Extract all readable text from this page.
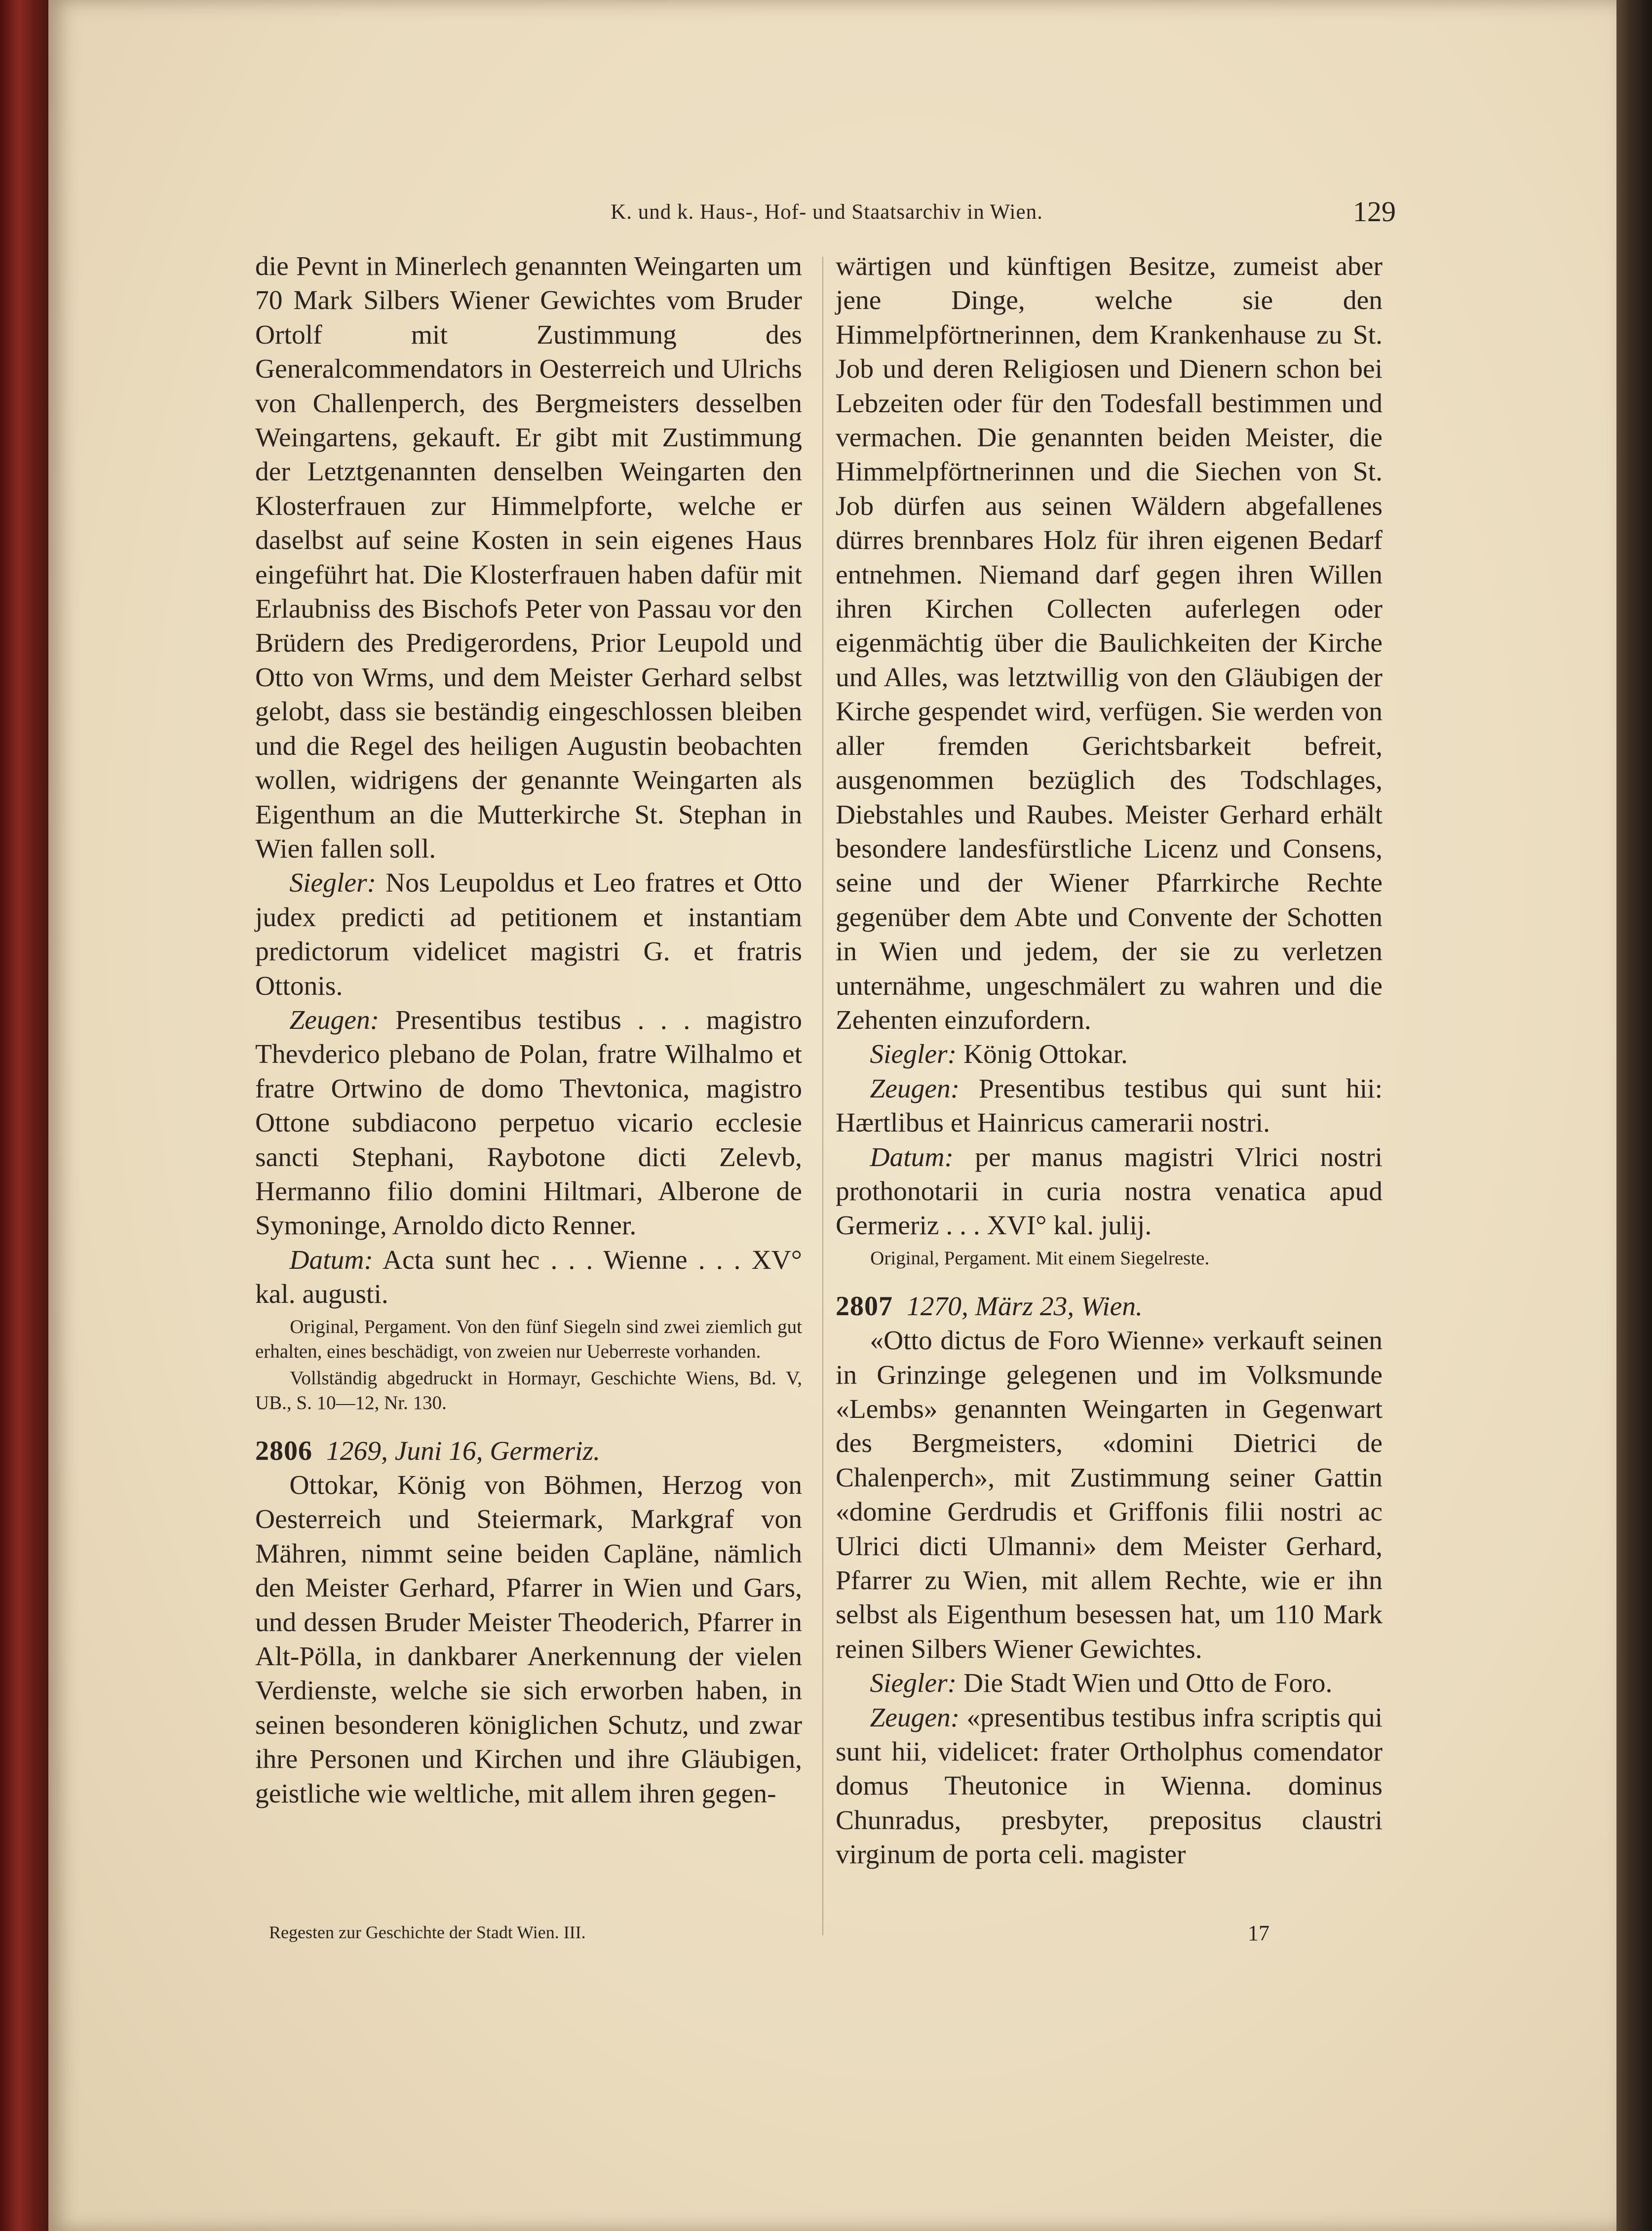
K. und k. Haus-, Hof- und Staatsarchiv in Wien.	129

die Pevnt in Minerlech genannten Weingarten um 70 Mark Silbers Wiener Gewichtes vom Bruder Ortolf mit Zustimmung des Generalcommendators in Oesterreich und Ulrichs von Challenperch, des Bergmeisters desselben Weingartens, gekauft. Er gibt mit Zustimmung der Letztgenannten denselben Weingarten den Klosterfrauen zur Himmelpforte, welche er daselbst auf seine Kosten in sein eigenes Haus eingeführt hat. Die Klosterfrauen haben dafür mit Erlaubniss des Bischofs Peter von Passau vor den Brüdern des Predigerordens, Prior Leupold und Otto von Wrms, und dem Meister Gerhard selbst gelobt, dass sie beständig eingeschlossen bleiben und die Regel des heiligen Augustin beobachten wollen, widrigens der genannte Weingarten als Eigenthum an die Mutterkirche St. Stephan in Wien fallen soll.

Siegler: Nos Leupoldus et Leo fratres et Otto judex predicti ad petitionem et instantiam predictorum videlicet magistri G. et fratris Ottonis.

Zeugen: Presentibus testibus . . . magistro Thevderico plebano de Polan, fratre Wilhalmo et fratre Ortwino de domo Thevtonica, magistro Ottone subdiacono perpetuo vicario ecclesie sancti Stephani, Raybotone dicti Zelevb, Hermanno filio domini Hiltmari, Alberone de Symoninge, Arnoldo dicto Renner.

Datum: Acta sunt hec . . . Wienne . . . XV° kal. augusti.

Original, Pergament. Von den fünf Siegeln sind zwei ziemlich gut erhalten, eines beschädigt, von zweien nur Ueberreste vorhanden.

Vollständig abgedruckt in Hormayr, Geschichte Wiens, Bd. V, UB., S. 10—12, Nr. 130.

2806 1269, Juni 16, Germeriz.

Ottokar, König von Böhmen, Herzog von Oesterreich und Steiermark, Markgraf von Mähren, nimmt seine beiden Capläne, nämlich den Meister Gerhard, Pfarrer in Wien und Gars, und dessen Bruder Meister Theoderich, Pfarrer in Alt-Pölla, in dankbarer Anerkennung der vielen Verdienste, welche sie sich erworben haben, in seinen besonderen königlichen Schutz, und zwar ihre Personen und Kirchen und ihre Gläubigen, geistliche wie weltliche, mit allem ihren gegen-

wärtigen und künftigen Besitze, zumeist aber jene Dinge, welche sie den Himmelpförtnerinnen, dem Krankenhause zu St. Job und deren Religiosen und Dienern schon bei Lebzeiten oder für den Todesfall bestimmen und vermachen. Die genannten beiden Meister, die Himmelpförtnerinnen und die Siechen von St. Job dürfen aus seinen Wäldern abgefallenes dürres brennbares Holz für ihren eigenen Bedarf entnehmen. Niemand darf gegen ihren Willen ihren Kirchen Collecten auferlegen oder eigenmächtig über die Baulichkeiten der Kirche und Alles, was letztwillig von den Gläubigen der Kirche gespendet wird, verfügen. Sie werden von aller fremden Gerichtsbarkeit befreit, ausgenommen bezüglich des Todschlages, Diebstahles und Raubes. Meister Gerhard erhält besondere landesfürstliche Licenz und Consens, seine und der Wiener Pfarrkirche Rechte gegenüber dem Abte und Convente der Schotten in Wien und jedem, der sie zu verletzen unternähme, ungeschmälert zu wahren und die Zehenten einzufordern.

Siegler: König Ottokar.

Zeugen: Presentibus testibus qui sunt hii: Hærtlibus et Hainricus camerarii nostri.

Datum: per manus magistri Vlrici nostri prothonotarii in curia nostra venatica apud Germeriz . . . XVI° kal. julij.

Original, Pergament. Mit einem Siegelreste.

2807 1270, März 23, Wien.

«Otto dictus de Foro Wienne» verkauft seinen in Grinzinge gelegenen und im Volksmunde «Lembs» genannten Weingarten in Gegenwart des Bergmeisters, «domini Dietrici de Chalenperch», mit Zustimmung seiner Gattin «domine Gerdrudis et Griffonis filii nostri ac Ulrici dicti Ulmanni» dem Meister Gerhard, Pfarrer zu Wien, mit allem Rechte, wie er ihn selbst als Eigenthum besessen hat, um 110 Mark reinen Silbers Wiener Gewichtes.

Siegler: Die Stadt Wien und Otto de Foro.

Zeugen: «presentibus testibus infra scriptis qui sunt hii, videlicet: frater Ortholphus comendator domus Theutonice in Wienna. dominus Chunradus, presbyter, prepositus claustri virginum de porta celi. magister

Regesten zur Geschichte der Stadt Wien. III.	17
